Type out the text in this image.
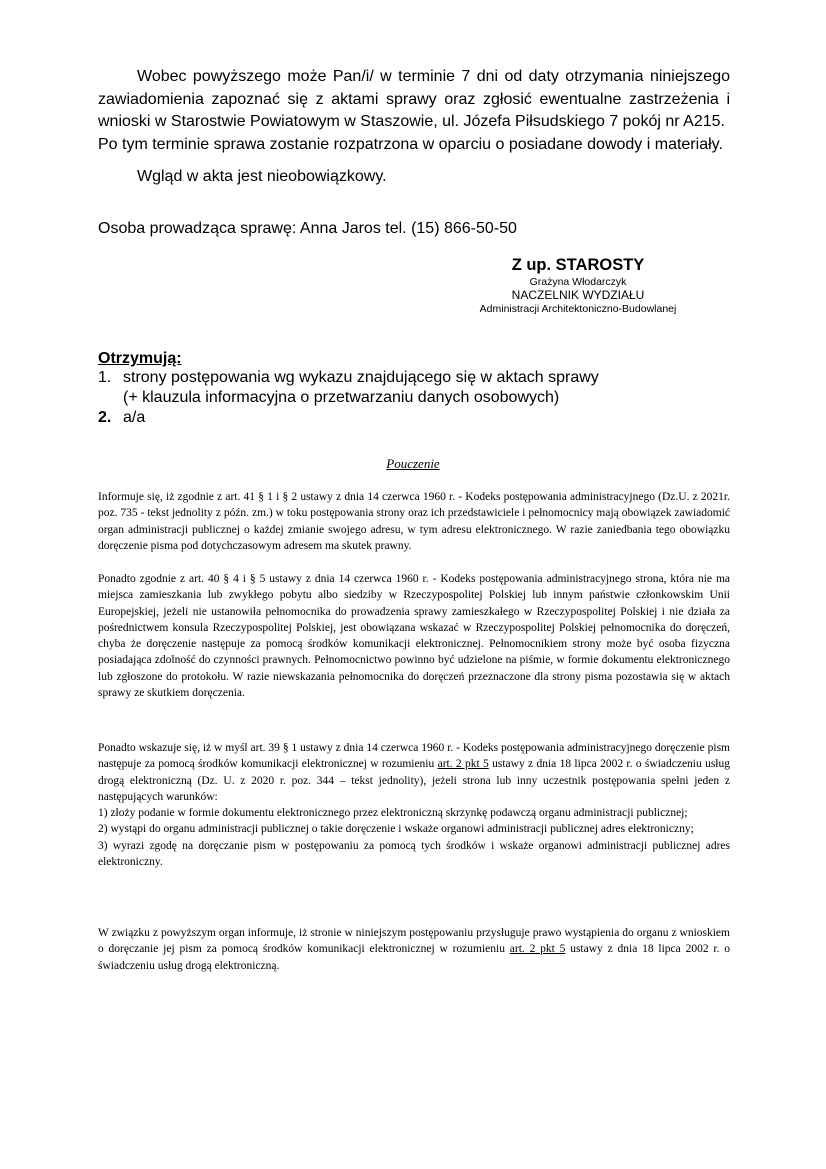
Wobec powyższego może Pan/i/ w terminie 7 dni od daty otrzymania niniejszego zawiadomienia zapoznać się z aktami sprawy oraz zgłosić ewentualne zastrzeżenia i wnioski w Starostwie Powiatowym w Staszowie, ul. Józefa Piłsudskiego 7 pokój nr A215.

Po tym terminie sprawa zostanie rozpatrzona w oparciu o posiadane dowody i materiały.

Wgląd w akta jest nieobowiązkowy.
Osoba prowadząca sprawę: Anna Jaros tel. (15) 866-50-50
Z up. STAROSTY
Grażyna Włodarczyk
NACZELNIK WYDZIAŁU
Administracji Architektoniczno-Budowlanej
Otrzymują:
1. strony postępowania wg wykazu znajdującego się w aktach sprawy
(+ klauzula informacyjna o przetwarzaniu danych osobowych)
2. a/a
Pouczenie

Informuje się, iż zgodnie z art. 41 § 1 i § 2 ustawy z dnia 14 czerwca 1960 r. - Kodeks postępowania administracyjnego (Dz.U. z 2021r. poz. 735 - tekst jednolity z późn. zm.) w toku postępowania strony oraz ich przedstawiciele i pełnomocnicy mają obowiązek zawiadomić organ administracji publicznej o każdej zmianie swojego adresu, w tym adresu elektronicznego. W razie zaniedbania tego obowiązku doręczenie pisma pod dotychczasowym adresem ma skutek prawny.

Ponadto zgodnie z art. 40 § 4 i § 5 ustawy z dnia 14 czerwca 1960 r. - Kodeks postępowania administracyjnego strona, która nie ma miejsca zamieszkania lub zwykłego pobytu albo siedziby w Rzeczypospolitej Polskiej lub innym państwie członkowskim Unii Europejskiej, jeżeli nie ustanowiła pełnomocnika do prowadzenia sprawy zamieszkałego w Rzeczypospolitej Polskiej i nie działa za pośrednictwem konsula Rzeczypospolitej Polskiej, jest obowiązana wskazać w Rzeczypospolitej Polskiej pełnomocnika do doręczeń, chyba że doręczenie następuje za pomocą środków komunikacji elektronicznej. Pełnomocnikiem strony może być osoba fizyczna posiadająca zdolność do czynności prawnych. Pełnomocnictwo powinno być udzielone na piśmie, w formie dokumentu elektronicznego lub zgłoszone do protokołu. W razie niewskazania pełnomocnika do doręczeń przeznaczone dla strony pisma pozostawia się w aktach sprawy ze skutkiem doręczenia.

Ponadto wskazuje się, iż w myśl art. 39 § 1 ustawy z dnia 14 czerwca 1960 r. - Kodeks postępowania administracyjnego doręczenie pism następuje za pomocą środków komunikacji elektronicznej w rozumieniu art. 2 pkt 5 ustawy z dnia 18 lipca 2002 r. o świadczeniu usług drogą elektroniczną (Dz. U. z 2020 r. poz. 344 – tekst jednolity), jeżeli strona lub inny uczestnik postępowania spełni jeden z następujących warunków:

1) złoży podanie w formie dokumentu elektronicznego przez elektroniczną skrzynkę podawczą organu administracji publicznej;

2) wystąpi do organu administracji publicznej o takie doręczenie i wskaże organowi administracji publicznej adres elektroniczny;

3) wyrazi zgodę na doręczanie pism w postępowaniu za pomocą tych środków i wskaże organowi administracji publicznej adres elektroniczny.

W związku z powyższym organ informuje, iż stronie w niniejszym postępowaniu przysługuje prawo wystąpienia do organu z wnioskiem o doręczanie jej pism za pomocą środków komunikacji elektronicznej w rozumieniu art. 2 pkt 5 ustawy z dnia 18 lipca 2002 r. o świadczeniu usług drogą elektroniczną.
